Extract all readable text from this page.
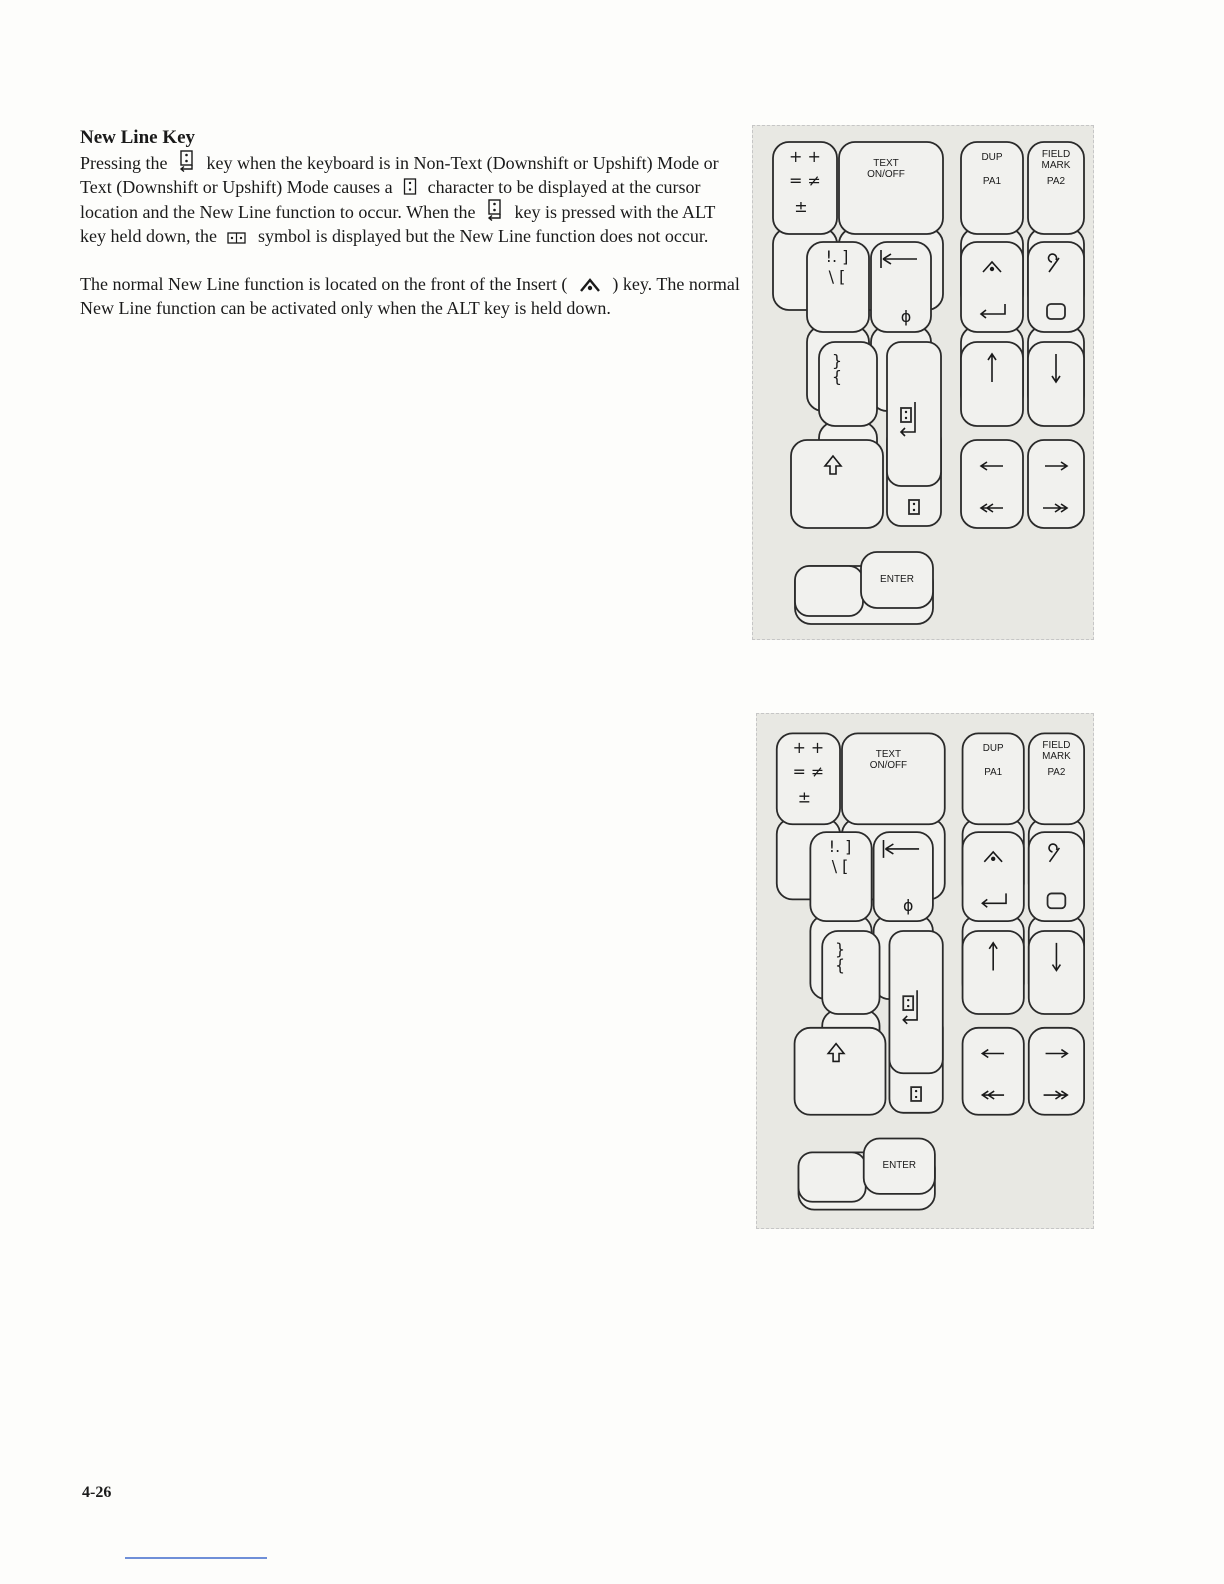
New Line Key

Pressing the key when the keyboard is in Non-Text (Downshift or Upshift) Mode or Text (Downshift or Upshift) Mode causes a character to be displayed at the cursor location and the New Line function to occur. When the key is pressed with the ALT key held down, the symbol is displayed but the New Line function does not occur.

The normal New Line function is located on the front of the Insert (	) key. The normal New Line function can be activated only when the ALT key is held down.

+ +
= ≠
±
TEXT
ON/OFF
DUP
PA1
FIELD
MARK
PA2
!. ]
\ [
ɸ
}
{
ENTER
+ +
= ≠
±
TEXT
ON/OFF
DUP
PA1
FIELD
MARK
PA2
!. ]
\ [
ɸ
}
{
ENTER
4-26
